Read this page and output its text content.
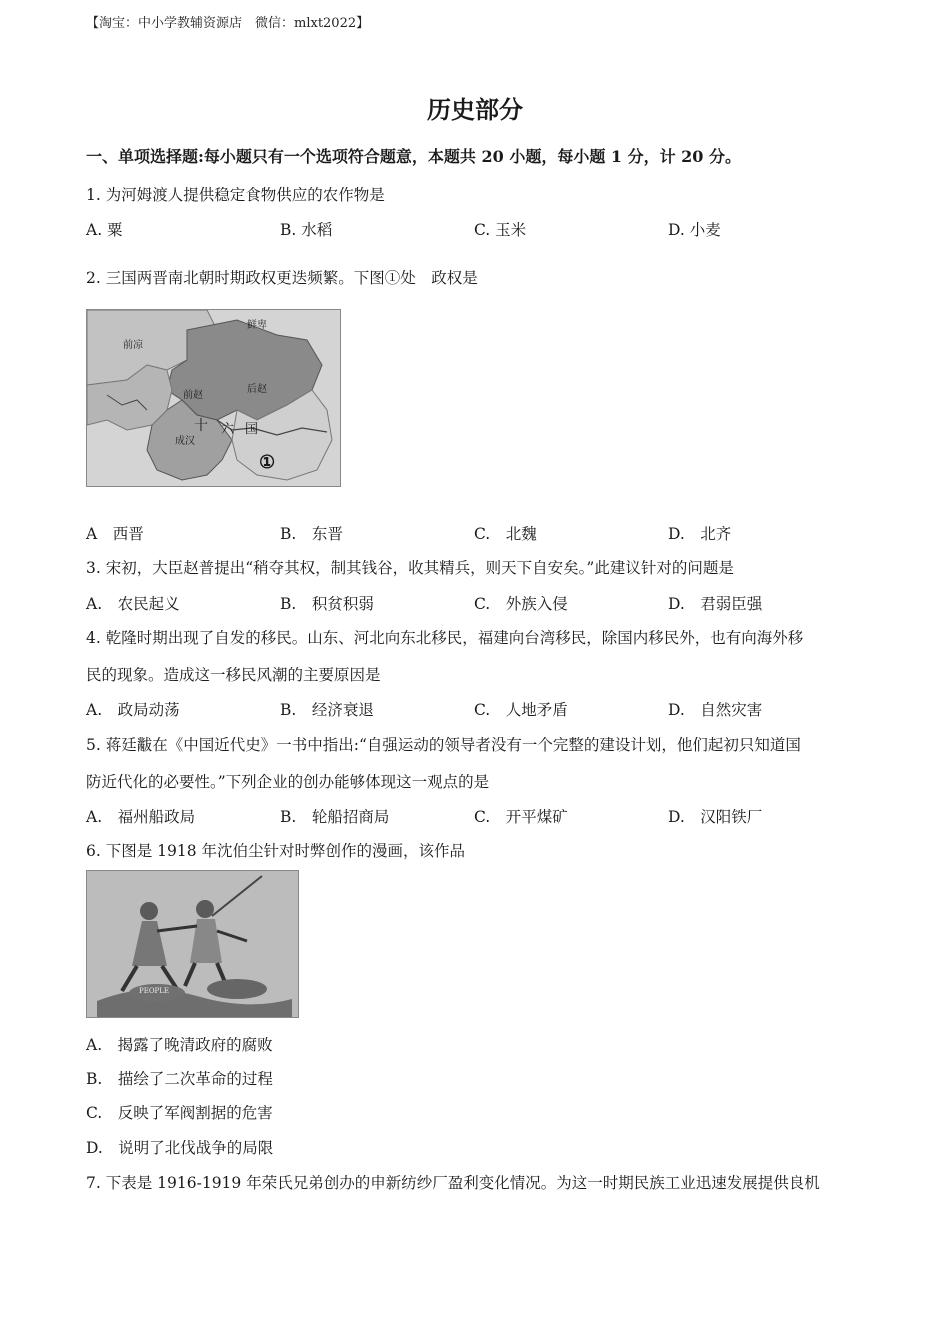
【淘宝：中小学教辅资源店　微信：mlxt2022】
历史部分
一、单项选择题:每小题只有一个选项符合题意，本题共 20 小题，每小题 1 分，计 20 分。
1. 为河姆渡人提供稳定食物供应的农作物是
A. 粟	B. 水稻	C. 玉米	D. 小麦
2. 三国两晋南北朝时期政权更迭频繁。下图①处　政权是
鲜卑
前凉
前赵
后赵
成汉
十 六 国
①
A　西晋	B.　东晋	C.　北魏	D.　北齐
3. 宋初，大臣赵普提出“稍夺其权，制其钱谷，收其精兵，则天下自安矣。”此建议针对的问题是
A.　农民起义	B.　积贫积弱	C.　外族入侵	D.　君弱臣强
4. 乾隆时期出现了自发的移民。山东、河北向东北移民，福建向台湾移民，除国内移民外，也有向海外移
民的现象。造成这一移民风潮的主要原因是
A.　政局动荡	B.　经济衰退	C.　人地矛盾	D.　自然灾害
5. 蒋廷黻在《中国近代史》一书中指出:“自强运动的领导者没有一个完整的建设计划，他们起初只知道国
防近代化的必要性。”下列企业的创办能够体现这一观点的是
A.　福州船政局	B.　轮船招商局	C.　开平煤矿	D.　汉阳铁厂
6. 下图是 1918 年沈伯尘针对时弊创作的漫画，该作品
PEOPLE
A.　揭露了晚清政府的腐败
B.　描绘了二次革命的过程
C.　反映了军阀割据的危害
D.　说明了北伐战争的局限
7. 下表是 1916-1919 年荣氏兄弟创办的申新纺纱厂盈利变化情况。为这一时期民族工业迅速发展提供良机
